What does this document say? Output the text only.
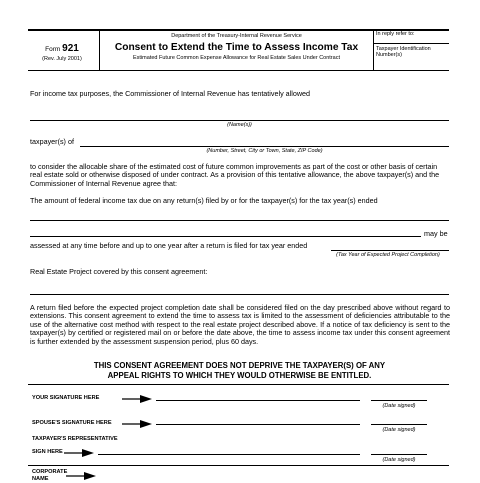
Form 921
(Rev. July 2001)
Department of the Treasury-Internal Revenue Service
Consent to Extend the Time to Assess Income Tax
Estimated Future Common Expense Allowance for Real Estate Sales Under Contract
In reply refer to:
Taxpayer Identification
Number(s)
For income tax purposes, the Commissioner of Internal Revenue has tentatively allowed
(Name(s))
taxpayer(s) of
(Number, Street, City or Town, State, ZIP Code)
to consider the allocable share of the estimated cost of future common improvements as part of the cost or other basis of certain real estate sold or otherwise disposed of under contract. As a provision of this tentative allowance, the above taxpayer(s) and the Commissioner of Internal Revenue agree that:
The amount of federal income tax due on any return(s) filed by or for the taxpayer(s) for the tax year(s) ended
may be
assessed at any time before and up to one year after a return is filed for tax year ended
(Tax Year of Expected Project Completion)
Real Estate Project covered by this consent agreement:
A return filed before the expected project completion date shall be considered filed on the day prescribed above without regard to extensions. This consent agreement to extend the time to assess tax is limited to the assessment of deficiencies attributable to the use of the alternative cost method with respect to the real estate project described above. If a notice of tax deficiency is sent to the taxpayer(s) by certified or registered mail on or before the date above, the time to assess income tax under this consent agreement is further extended by the assessment suspension period, plus 60 days.
THIS CONSENT AGREEMENT DOES NOT DEPRIVE THE TAXPAYER(S) OF ANY
APPEAL RIGHTS TO WHICH THEY WOULD OTHERWISE BE ENTITLED.
YOUR SIGNATURE HERE
(Date signed)
SPOUSE'S SIGNATURE HERE
(Date signed)
TAXPAYER'S REPRESENTATIVE
SIGN HERE
(Date signed)
CORPORATE
NAME
